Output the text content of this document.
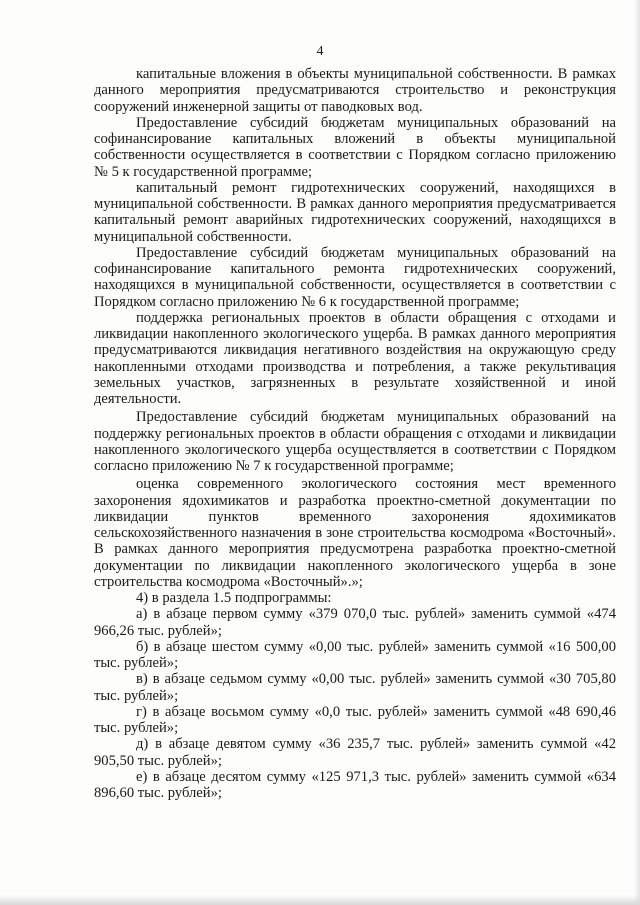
4

капитальные вложения в объекты муниципальной собственности. В рамках данного мероприятия предусматриваются строительство и реконструкция сооружений инженерной защиты от паводковых вод.

Предоставление субсидий бюджетам муниципальных образований на софинансирование капитальных вложений в объекты муниципальной собственности осуществляется в соответствии с Порядком согласно приложению № 5 к государственной программе;

капитальный ремонт гидротехнических сооружений, находящихся в муниципальной собственности. В рамках данного мероприятия предусматривается капитальный ремонт аварийных гидротехнических сооружений, находящихся в муниципальной собственности.

Предоставление субсидий бюджетам муниципальных образований на софинансирование капитального ремонта гидротехнических сооружений, находящихся в муниципальной собственности, осуществляется в соответствии с Порядком согласно приложению № 6 к государственной программе;

поддержка региональных проектов в области обращения с отходами и ликвидации накопленного экологического ущерба. В рамках данного мероприятия предусматриваются ликвидация негативного воздействия на окружающую среду накопленными отходами производства и потребления, а также рекультивация земельных участков, загрязненных в результате хозяйственной и иной деятельности.

Предоставление субсидий бюджетам муниципальных образований на поддержку региональных проектов в области обращения с отходами и ликвидации накопленного экологического ущерба осуществляется в соответствии с Порядком согласно приложению № 7 к государственной программе;

оценка современного экологического состояния мест временного захоронения ядохимикатов и разработка проектно-сметной документации по ликвидации пунктов временного захоронения ядохимикатов сельскохозяйственного назначения в зоне строительства космодрома «Восточный». В рамках данного мероприятия предусмотрена разработка проектно-сметной документации по ликвидации накопленного экологического ущерба в зоне строительства космодрома «Восточный».»;

4) в раздела 1.5 подпрограммы:

а) в абзаце первом сумму «379 070,0 тыс. рублей» заменить суммой «474 966,26 тыс. рублей»;

б) в абзаце шестом сумму «0,00 тыс. рублей» заменить суммой «16 500,00 тыс. рублей»;

в) в абзаце седьмом сумму «0,00 тыс. рублей» заменить суммой «30 705,80 тыс. рублей»;

г) в абзаце восьмом сумму «0,0 тыс. рублей» заменить суммой «48 690,46 тыс. рублей»;

д) в абзаце девятом сумму «36 235,7 тыс. рублей» заменить суммой «42 905,50 тыс. рублей»;

е) в абзаце десятом сумму «125 971,3 тыс. рублей» заменить суммой «634 896,60 тыс. рублей»;
